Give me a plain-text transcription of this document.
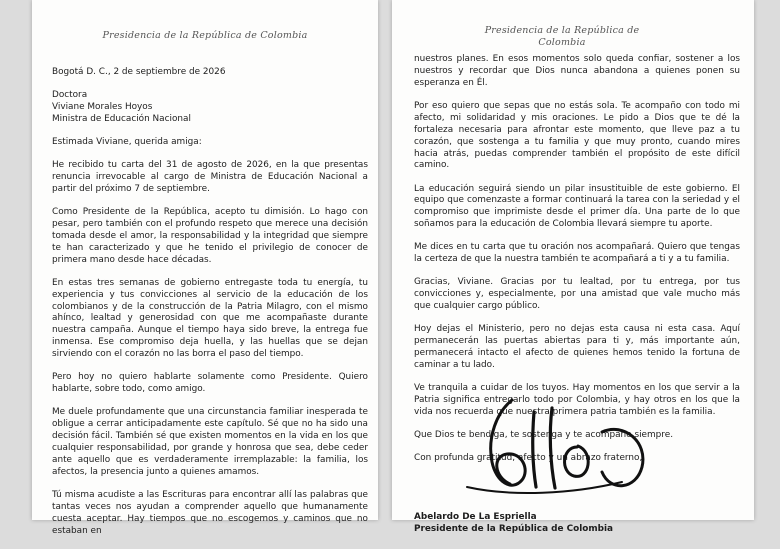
Presidencia de la República de Colombia

Bogotá D. C., 2 de septiembre de 2026

Doctora
Viviane Morales Hoyos
Ministra de Educación Nacional

Estimada Viviane, querida amiga:

He recibido tu carta del 31 de agosto de 2026, en la que presentas renuncia irrevocable al cargo de Ministra de Educación Nacional a partir del próximo 7 de septiembre.

Como Presidente de la República, acepto tu dimisión. Lo hago con pesar, pero también con el profundo respeto que merece una decisión tomada desde el amor, la responsabilidad y la integridad que siempre te han caracterizado y que he tenido el privilegio de conocer de primera mano desde hace décadas.

En estas tres semanas de gobierno entregaste toda tu energía, tu experiencia y tus convicciones al servicio de la educación de los colombianos y de la construcción de la Patria Milagro, con el mismo ahínco, lealtad y generosidad con que me acompañaste durante nuestra campaña. Aunque el tiempo haya sido breve, la entrega fue inmensa. Ese compromiso deja huella, y las huellas que se dejan sirviendo con el corazón no las borra el paso del tiempo.

Pero hoy no quiero hablarte solamente como Presidente. Quiero hablarte, sobre todo, como amigo.

Me duele profundamente que una circunstancia familiar inesperada te obligue a cerrar anticipadamente este capítulo. Sé que no ha sido una decisión fácil. También sé que existen momentos en la vida en los que cualquier responsabilidad, por grande y honrosa que sea, debe ceder ante aquello que es verdaderamente irremplazable: la familia, los afectos, la presencia junto a quienes amamos.

Tú misma acudiste a las Escrituras para encontrar allí las palabras que tantas veces nos ayudan a comprender aquello que humanamente cuesta aceptar. Hay tiempos que no escogemos y caminos que no estaban en

Presidencia de la República de Colombia

nuestros planes. En esos momentos solo queda confiar, sostener a los nuestros y recordar que Dios nunca abandona a quienes ponen su esperanza en Él.

Por eso quiero que sepas que no estás sola. Te acompaño con todo mi afecto, mi solidaridad y mis oraciones. Le pido a Dios que te dé la fortaleza necesaria para afrontar este momento, que lleve paz a tu corazón, que sostenga a tu familia y que muy pronto, cuando mires hacia atrás, puedas comprender también el propósito de este difícil camino.

La educación seguirá siendo un pilar insustituible de este gobierno. El equipo que comenzaste a formar continuará la tarea con la seriedad y el compromiso que imprimiste desde el primer día. Una parte de lo que soñamos para la educación de Colombia llevará siempre tu aporte.

Me dices en tu carta que tu oración nos acompañará. Quiero que tengas la certeza de que la nuestra también te acompañará a ti y a tu familia.

Gracias, Viviane. Gracias por tu lealtad, por tu entrega, por tus convicciones y, especialmente, por una amistad que vale mucho más que cualquier cargo público.

Hoy dejas el Ministerio, pero no dejas esta causa ni esta casa. Aquí permanecerán las puertas abiertas para ti y, más importante aún, permanecerá intacto el afecto de quienes hemos tenido la fortuna de caminar a tu lado.

Ve tranquila a cuidar de los tuyos. Hay momentos en los que servir a la Patria significa entregarlo todo por Colombia, y hay otros en los que la vida nos recuerda que nuestra primera patria también es la familia.

Que Dios te bendiga, te sostenga y te acompañe siempre.

Con profunda gratitud, afecto y un abrazo fraterno,

Abelardo De La Espriella
Presidente de la República de Colombia
